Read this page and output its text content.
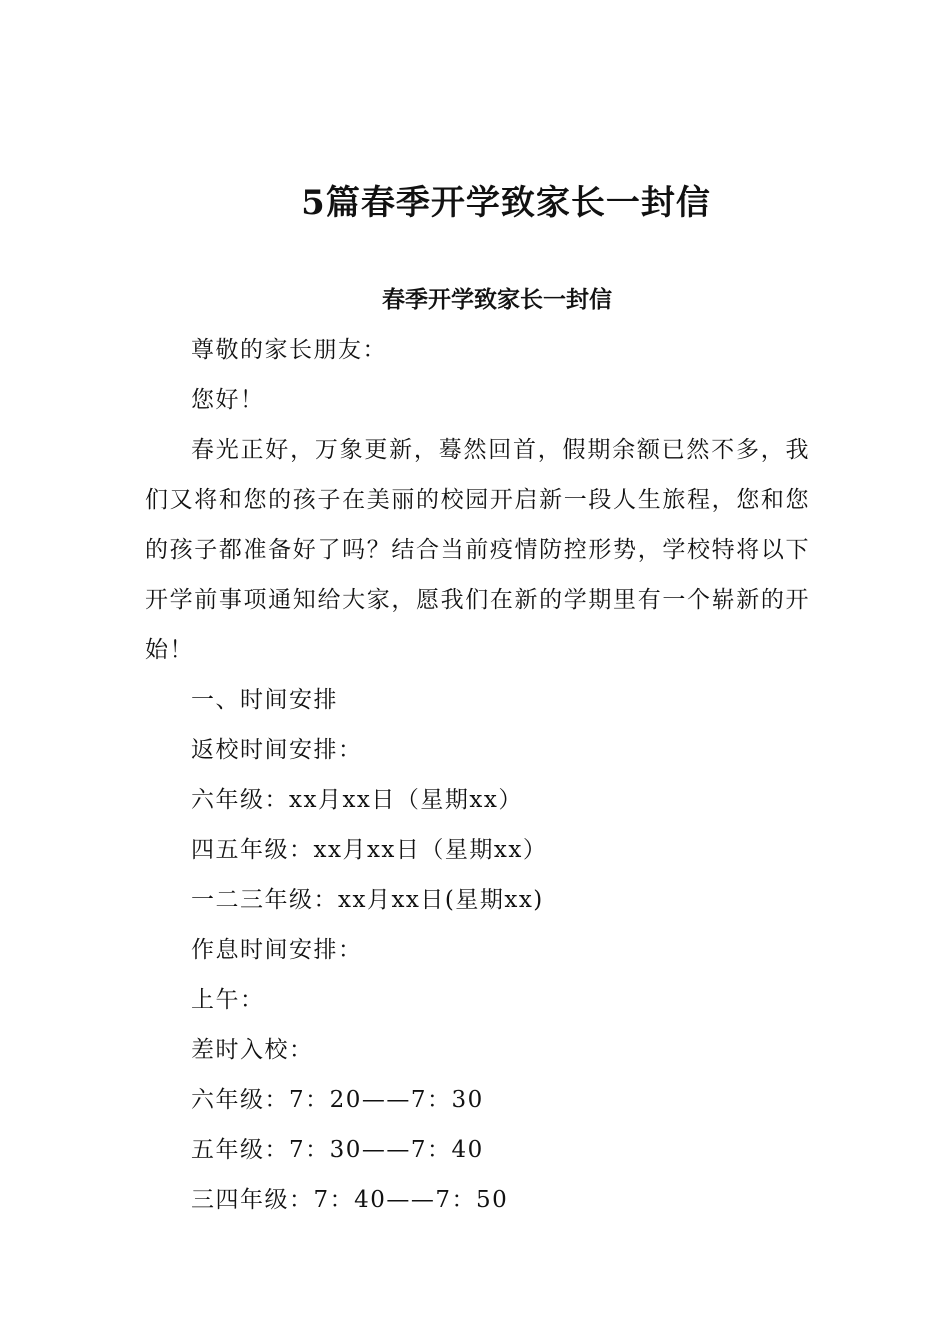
5篇春季开学致家长一封信
春季开学致家长一封信

尊敬的家长朋友：

您好！

春光正好，万象更新，蓦然回首，假期余额已然不多，我们又将和您的孩子在美丽的校园开启新一段人生旅程，您和您的孩子都准备好了吗？结合当前疫情防控形势，学校特将以下开学前事项通知给大家，愿我们在新的学期里有一个崭新的开始！

一、时间安排

返校时间安排：

六年级：xx月xx日（星期xx）

四五年级：xx月xx日（星期xx）

一二三年级：xx月xx日(星期xx)

作息时间安排：

上午：

差时入校：

六年级：7：20——7：30

五年级：7：30——7：40

三四年级：7：40——7：50
